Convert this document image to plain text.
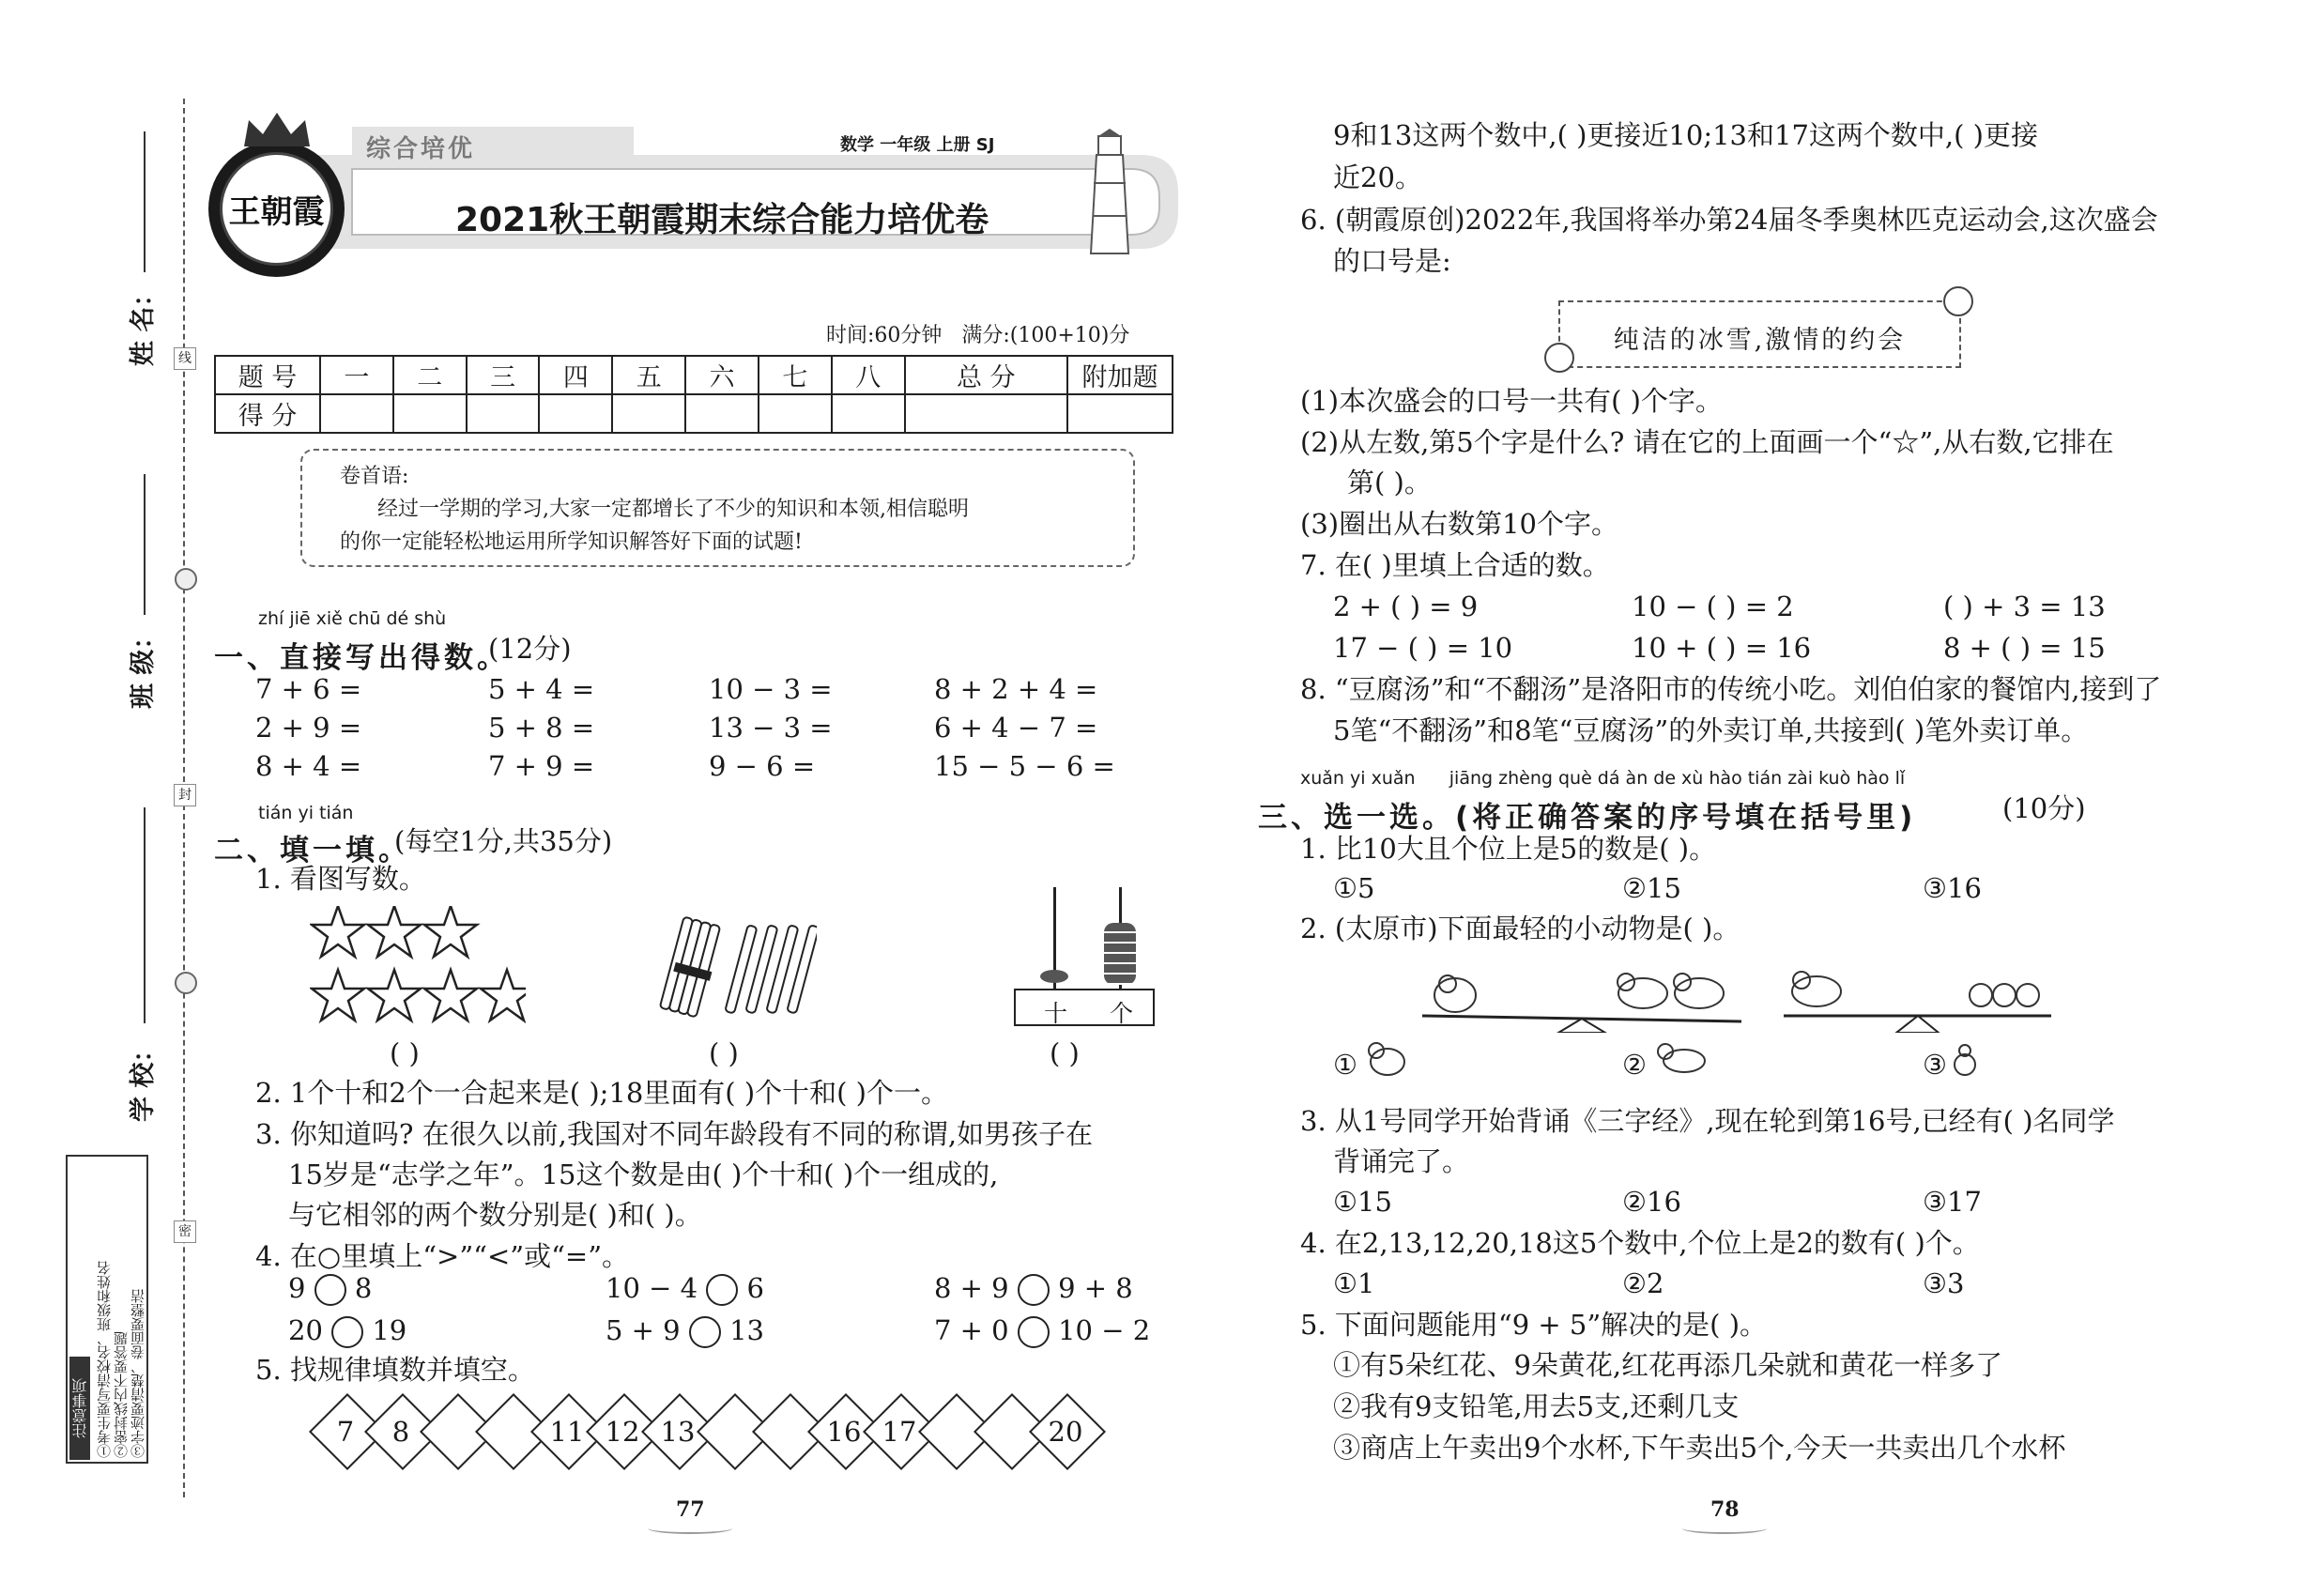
线
封
密
姓 名：
班 级：
学 校：
注意事项 ①考生要写清校名、班级和姓名 ②密封线内不要答题 ③字迹要清楚、卷面要整洁
王朝霞
综合培优	数学 一年级 上册 SJ
2021秋王朝霞期末综合能力培优卷
时间:60分钟   满分:(100+10)分
题 号	一	二	三	四	五	六	七	八	总 分	附加题
得 分										
卷首语:
经过一学期的学习,大家一定都增长了不少的知识和本领,相信聪明
的你一定能轻松地运用所学知识解答好下面的试题!
zhí jiē xiě chū dé shù
一、直接写出得数。
(12分)
7 + 6 =	5 + 4 =	10 − 3 =	8 + 2 + 4 =
2 + 9 =	5 + 8 =	13 − 3 =	6 + 4 − 7 =
8 + 4 =	7 + 9 =	9 − 6 =	15 − 5 − 6 =
tián yi tián
二、填一填。
(每空1分,共35分)
1. 看图写数。
十 个
( )	( )	( )
2. 1个十和2个一合起来是( );18里面有( )个十和( )个一。
3. 你知道吗? 在很久以前,我国对不同年龄段有不同的称谓,如男孩子在
15岁是“志学之年”。15这个数是由( )个十和( )个一组成的,
与它相邻的两个数分别是( )和( )。
4. 在○里填上“>”“<”或“=”。
9 8	10 − 4 6	8 + 9 9 + 8
20 19	5 + 9 13	7 + 0 10 − 2
5. 找规律填数并填空。
7	8	11 12 13	16 17	20
9和13这两个数中,( )更接近10;13和17这两个数中,( )更接
近20。
6. (朝霞原创)2022年,我国将举办第24届冬季奥林匹克运动会,这次盛会
的口号是:
纯洁的冰雪,激情的约会
(1)本次盛会的口号一共有( )个字。
(2)从左数,第5个字是什么? 请在它的上面画一个“☆”,从右数,它排在
第( )。
(3)圈出从右数第10个字。
7. 在( )里填上合适的数。
2 + ( ) = 9	10 − ( ) = 2	( ) + 3 = 13
17 − ( ) = 10	10 + ( ) = 16	8 + ( ) = 15
8. “豆腐汤”和“不翻汤”是洛阳市的传统小吃。刘伯伯家的餐馆内,接到了
5笔“不翻汤”和8笔“豆腐汤”的外卖订单,共接到( )笔外卖订单。
xuǎn yi xuǎn      jiāng zhèng què dá àn de xù hào tián zài kuò hào lǐ
三、选一选。(将正确答案的序号填在括号里)	(10分)
1. 比10大且个位上是5的数是( )。
①5	②15	③16
2. (太原市)下面最轻的小动物是( )。
①	②	③
3. 从1号同学开始背诵《三字经》,现在轮到第16号,已经有( )名同学
背诵完了。
①15	②16	③17
4. 在2,13,12,20,18这5个数中,个位上是2的数有( )个。
①1	②2	③3
5. 下面问题能用“9 + 5”解决的是( )。
①有5朵红花、9朵黄花,红花再添几朵就和黄花一样多了
②我有9支铅笔,用去5支,还剩几支
③商店上午卖出9个水杯,下午卖出5个,今天一共卖出几个水杯
77	78
